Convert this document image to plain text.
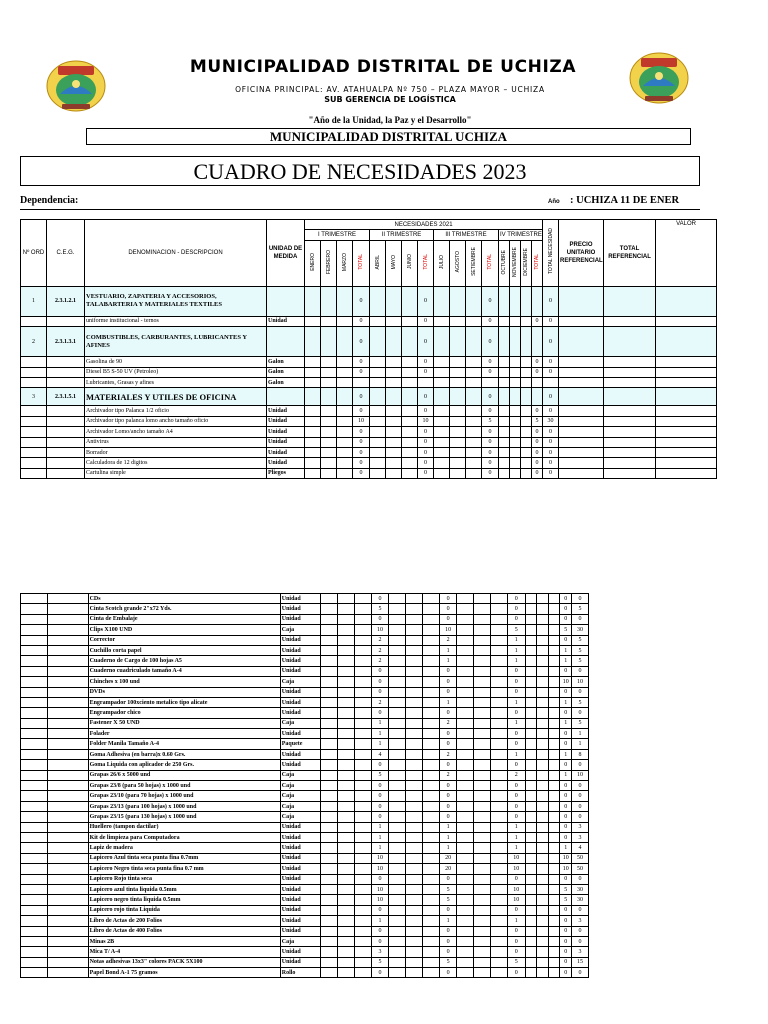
MUNICIPALIDAD DISTRITAL DE UCHIZA
OFICINA PRINCIPAL: AV. ATAHUALPA Nº 750 – PLAZA MAYOR – UCHIZA
SUB GERENCIA DE LOGÍSTICA
"Año de la Unidad, la Paz y el Desarrollo"
MUNICIPALIDAD DISTRITAL UCHIZA
CUADRO DE NECESIDADES 2023
Dependencia:	Año : UCHIZA 11 DE ENER
Nº ORD	C.E.G.	DENOMINACION - DESCRIPCION	UNIDAD DE MEDIDA	NECESIDADES 2021																TOTAL NECESIDAD	PRECIO UNITARIO REFERENCIAL	TOTAL REFERENCIAL	VALOR
				I TRIMESTRE				II TRIMESTRE				III TRIMESTRE				IV TRIMESTRE							
				ENERO	FEBRERO	MARZO	TOTAL	ABRIL	MAYO	JUNIO	TOTAL	JULIO	AGOSTO	SETIEMBRE	TOTAL	OCTUBRE	NOVIEMBRE	DICIEMBRE	TOTAL				
1	2.3.1.2.1	VESTUARIO, ZAPATERIA Y ACCESORIOS, TALABARTERIA Y MATERIALES TEXTILES					0				0				0					0			
		uniforme institucional - ternos	Unidad				0				0				0				0	0			
2	2.3.1.3.1	COMBUSTIBLES, CARBURANTES, LUBRICANTES Y AFINES					0				0				0					0			
		Gasolina de 90	Galon				0				0				0				0	0			
		Diesel B5 S-50 UV (Petroleo)	Galon				0				0				0				0	0			
		Lubricantes, Grasas y afines	Galon																				
3	2.3.1.5.1	MATERIALES Y UTILES DE OFICINA					0				0				0					0			
		Archivador tipo Palanca 1/2 oficio	Unidad				0				0				0				0	0			
		Archivador tipo palanca lomo ancho tamaño oficio	Unidad				10				10				5				5	30			
		Archivador Lomo/ancho tamaño A4	Unidad				0				0				0				0	0			
		Antivirus	Unidad				0				0				0				0	0			
		Borrador	Unidad				0				0				0				0	0			
		Calculadora de 12 digitos	Unidad				0				0				0				0	0			
		Cartulina simple	Pliegos				0				0				0				0	0			
		CDs	Unidad				0				0				0				0	0
		Cinta Scotch grande 2"x72 Yds.	Unidad				5				0				0				0	5
		Cinta de Embalaje	Unidad				0				0				0				0	0
		Clips X100 UND	Caja				10				10				5				5	30
		Corrector	Unidad				2				2				1				0	5
		Cuchillo corta papel	Unidad				2				1				1				1	5
		Cuaderno de Cargo de 100 hojas A5	Unidad				2				1				1				1	5
		Cuaderno cuadriculado tamaño A-4	Unidad				0				0				0				0	0
		Chinches x 100 und	Caja				0				0				0				10	10
		DVDs	Unidad				0				0				0				0	0
		Engrampador 100xciento metalico tipo alicate	Unidad				2				1				1				1	5
		Engrampador chico	Unidad				0				0				0				0	0
		Fastener X 50 UND	Caja				1				2				1				1	5
		Folader	Unidad				1				0				0				0	1
		Folder Manila Tamaño A-4	Paquete				1				0				0				0	1
		Goma Adhesiva (en barra)x 0.60 Grs.	Unidad				4				2				1				1	8
		Goma Liquida con aplicador de 250 Grs.	Unidad				0				0				0				0	0
		Grapas 26/6 x 5000 und	Caja				5				2				2				1	10
		Grapas 23/8 (para 50 hojas) x 1000 und	Caja				0				0				0				0	0
		Grapas 23/10 (para 70 hojas) x 1000 und	Caja				0				0				0				0	0
		Grapas 23/13 (para 100 hojas) x 1000 und	Caja				0				0				0				0	0
		Grapas 23/15 (para 130 hojas) x 1000 und	Caja				0				0				0				0	0
		Huellero (tampon dactilar)	Unidad				1				1				1				0	3
		Kit de limpieza para Computadora	Unidad				1				1				1				0	3
		Lapiz de madera	Unidad				1				1				1				1	4
		Lapicero Azul tinta seca punta fina 0.7mm	Unidad				10				20				10				10	50
		Lapicero Negro tinta seca punta fina 0.7 mm	Unidad				10				20				10				10	50
		Lapicero Rojo tinta seca	Unidad				0				0				0				0	0
		Lapicero azul tinta liquida 0.5mm	Unidad				10				5				10				5	30
		Lapicero negro tinta liquida 0.5mm	Unidad				10				5				10				5	30
		Lapicero rojo tinta Liquida	Unidad				0				0				0				0	0
		Libro de Actas de 200 Folios	Unidad				1				1				1				0	3
		Libro de Actas de 400 Folios	Unidad				0				0				0				0	0
		Minas 2B	Caja				0				0				0				0	0
		Mica T/ A-4	Unidad				3				0				0				0	3
		Notas adhesivas 13x3" colores PACK 5X100	Unidad				5				5				5				0	15
		Papel Bond A-1 75 gramos	Rollo				0				0				0				0	0
